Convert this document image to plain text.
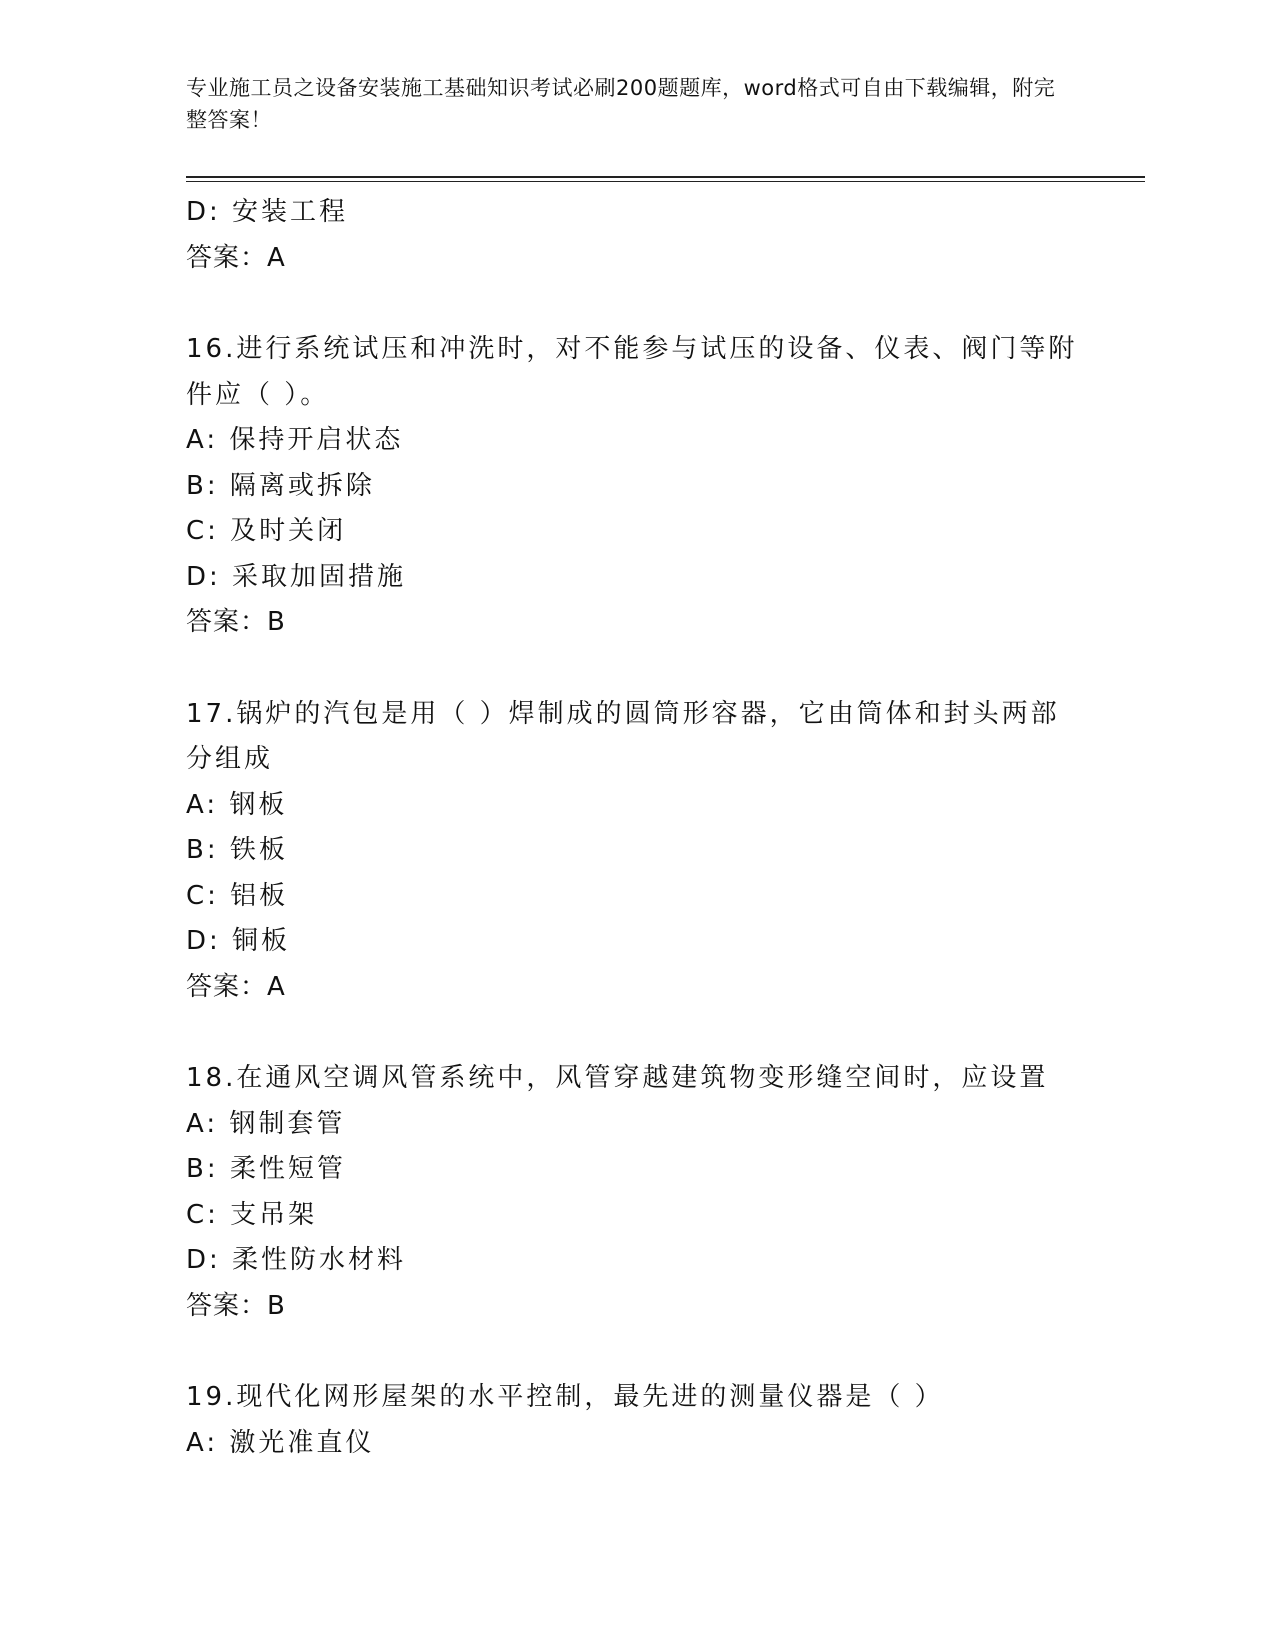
专业施工员之设备安装施工基础知识考试必刷200题题库，word格式可自由下载编辑，附完整答案！
D: 安装工程
答案：A
16.进行系统试压和冲洗时，对不能参与试压的设备、仪表、阀门等附
件应（ ）。
A: 保持开启状态
B: 隔离或拆除
C: 及时关闭
D: 采取加固措施
答案：B
17.锅炉的汽包是用（ ）焊制成的圆筒形容器，它由筒体和封头两部
分组成
A: 钢板
B: 铁板
C: 铝板
D: 铜板
答案：A
18.在通风空调风管系统中，风管穿越建筑物变形缝空间时，应设置
A: 钢制套管
B: 柔性短管
C: 支吊架
D: 柔性防水材料
答案：B
19.现代化网形屋架的水平控制，最先进的测量仪器是（ ）
A: 激光准直仪
